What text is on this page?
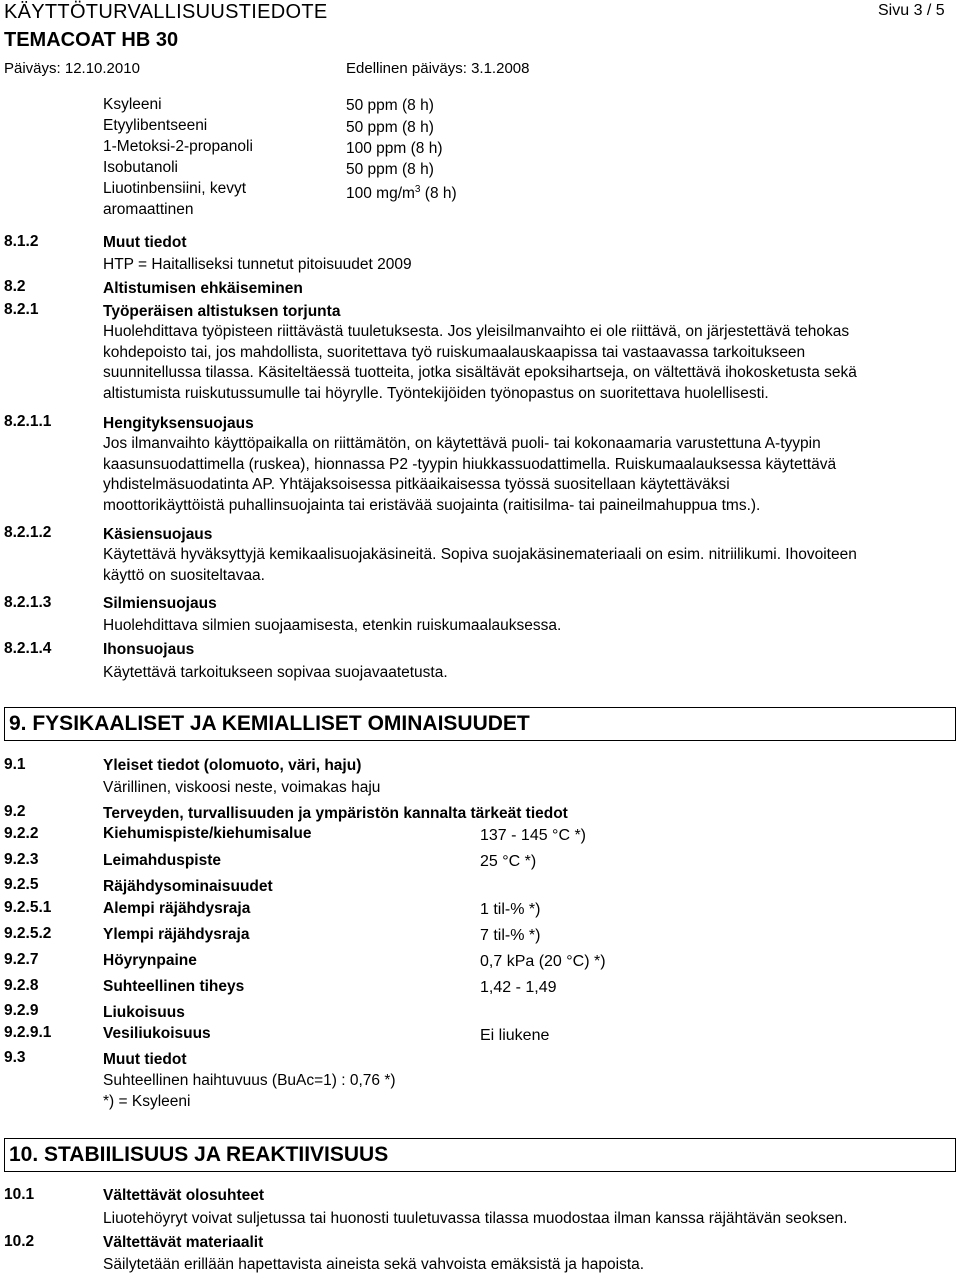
KÄYTTÖTURVALLISUUSTIEDOTE	Sivu 3 / 5
TEMACOAT HB 30
Päiväys: 12.10.2010	Edellinen päiväys: 3.1.2008
Ksyleeni	50 ppm (8 h)
Etyylibentseeni	50 ppm (8 h)
1-Metoksi-2-propanoli	100 ppm (8 h)
Isobutanoli	50 ppm (8 h)
Liuotinbensiini, kevyt	100 $mg/m^3$ (8 h)
aromaattinen
8.1.2	Muut tiedot
HTP = Haitalliseksi tunnetut pitoisuudet 2009
8.2	Altistumisen ehkäiseminen
8.2.1	Työperäisen altistuksen torjunta
Huolehdittava työpisteen riittävästä tuuletuksesta. Jos yleisilmanvaihto ei ole riittävä, on järjestettävä tehokas
kohdepoisto tai, jos mahdollista, suoritettava työ ruiskumaalauskaapissa tai vastaavassa tarkoitukseen
suunnitellussa tilassa. Käsiteltäessä tuotteita, jotka sisältävät epoksihartseja, on vältettävä ihokosketusta sekä
altistumista ruiskutussumulle tai höyrylle. Työntekijöiden työnopastus on suoritettava huolellisesti.
8.2.1.1	Hengityksensuojaus
Jos ilmanvaihto käyttöpaikalla on riittämätön, on käytettävä puoli- tai kokonaamaria varustettuna A-tyypin
kaasunsuodattimella (ruskea), hionnassa P2 -tyypin hiukkassuodattimella. Ruiskumaalauksessa käytettävä
yhdistelmäsuodatinta AP. Yhtäjaksoisessa pitkäaikaisessa työssä suositellaan käytettäväksi
moottorikäyttöistä puhallinsuojainta tai eristävää suojainta (raitisilma- tai paineilmahuppua tms.).
8.2.1.2	Käsiensuojaus
Käytettävä hyväksyttyjä kemikaalisuojakäsineitä. Sopiva suojakäsinemateriaali on esim. nitriilikumi. Ihovoiteen
käyttö on suositeltavaa.
8.2.1.3	Silmiensuojaus
Huolehdittava silmien suojaamisesta, etenkin ruiskumaalauksessa.
8.2.1.4	Ihonsuojaus
Käytettävä tarkoitukseen sopivaa suojavaatetusta.
9. FYSIKAALISET JA KEMIALLISET OMINAISUUDET
9.1	Yleiset tiedot (olomuoto, väri, haju)
Värillinen, viskoosi neste, voimakas haju
9.2	Terveyden, turvallisuuden ja ympäristön kannalta tärkeät tiedot
9.2.2	Kiehumispiste/kiehumisalue	137 - 145 °C *)
9.2.3	Leimahduspiste	25 °C *)
9.2.5	Räjähdysominaisuudet
9.2.5.1	Alempi räjähdysraja	1 til-% *)
9.2.5.2	Ylempi räjähdysraja	7 til-% *)
9.2.7	Höyrynpaine	0,7 kPa (20 °C) *)
9.2.8	Suhteellinen tiheys	1,42 - 1,49
9.2.9	Liukoisuus
9.2.9.1	Vesiliukoisuus	Ei liukene
9.3	Muut tiedot
Suhteellinen haihtuvuus (BuAc=1) : 0,76 *)
*) = Ksyleeni
10. STABIILISUUS JA REAKTIIVISUUS
10.1	Vältettävät olosuhteet
Liuotehöyryt voivat suljetussa tai huonosti tuuletuvassa tilassa muodostaa ilman kanssa räjähtävän seoksen.
10.2	Vältettävät materiaalit
Säilytetään erillään hapettavista aineista sekä vahvoista emäksistä ja hapoista.
